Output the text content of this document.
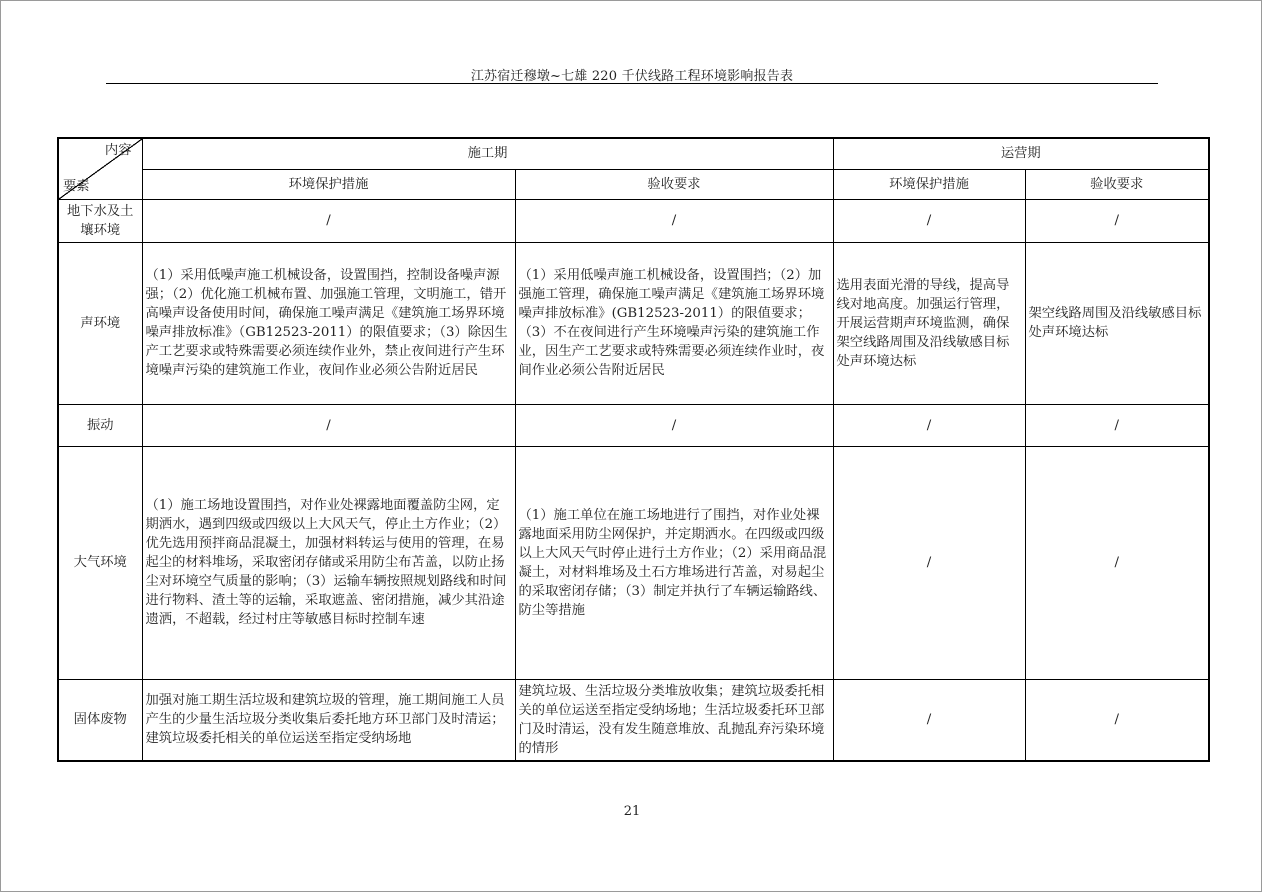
江苏宿迁穆墩~七雄 220 千伏线路工程环境影响报告表
内容
要素	施工期		运营期	
	环境保护措施	验收要求	环境保护措施	验收要求
地下水及土壤环境	/	/	/	/
声环境	（1）采用低噪声施工机械设备，设置围挡，控制设备噪声源强；（2）优化施工机械布置、加强施工管理，文明施工，错开高噪声设备使用时间，确保施工噪声满足《建筑施工场界环境噪声排放标准》（GB12523-2011）的限值要求；（3）除因生产工艺要求或特殊需要必须连续作业外，禁止夜间进行产生环境噪声污染的建筑施工作业，夜间作业必须公告附近居民	（1）采用低噪声施工机械设备，设置围挡；（2）加强施工管理，确保施工噪声满足《建筑施工场界环境噪声排放标准》(GB12523-2011）的限值要求；（3）不在夜间进行产生环境噪声污染的建筑施工作业，因生产工艺要求或特殊需要必须连续作业时，夜间作业必须公告附近居民	选用表面光滑的导线，提高导线对地高度。加强运行管理，开展运营期声环境监测，确保架空线路周围及沿线敏感目标处声环境达标	架空线路周围及沿线敏感目标处声环境达标
振动	/	/	/	/
大气环境	（1）施工场地设置围挡，对作业处裸露地面覆盖防尘网，定期洒水，遇到四级或四级以上大风天气，停止土方作业；（2）优先选用预拌商品混凝土，加强材料转运与使用的管理，在易起尘的材料堆场，采取密闭存储或采用防尘布苫盖，以防止扬尘对环境空气质量的影响；（3）运输车辆按照规划路线和时间进行物料、渣土等的运输，采取遮盖、密闭措施，减少其沿途遗洒，不超载，经过村庄等敏感目标时控制车速	（1）施工单位在施工场地进行了围挡，对作业处裸露地面采用防尘网保护，并定期洒水。在四级或四级以上大风天气时停止进行土方作业；（2）采用商品混凝土，对材料堆场及土石方堆场进行苫盖，对易起尘的采取密闭存储；（3）制定并执行了车辆运输路线、防尘等措施	/	/
固体废物	加强对施工期生活垃圾和建筑垃圾的管理，施工期间施工人员产生的少量生活垃圾分类收集后委托地方环卫部门及时清运；建筑垃圾委托相关的单位运送至指定受纳场地	建筑垃圾、生活垃圾分类堆放收集；建筑垃圾委托相关的单位运送至指定受纳场地；生活垃圾委托环卫部门及时清运，没有发生随意堆放、乱抛乱弃污染环境的情形	/	/
21
